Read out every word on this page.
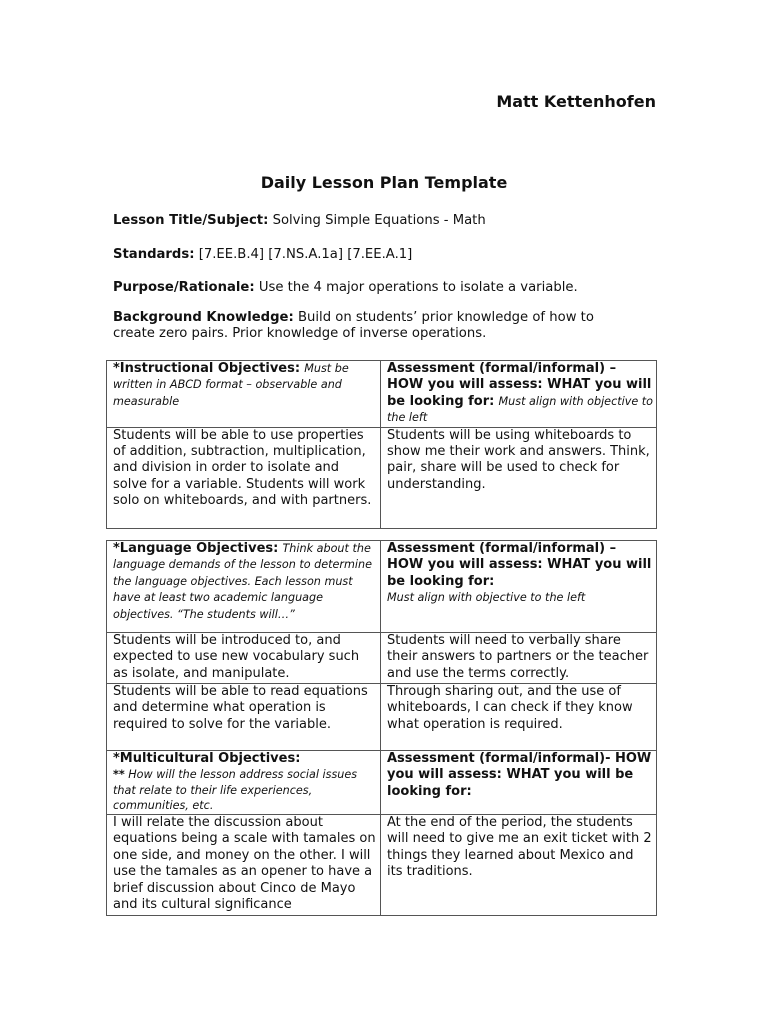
Matt Kettenhofen
Daily Lesson Plan Template
Lesson Title/Subject: Solving Simple Equations - Math
Standards: [7.EE.B.4] [7.NS.A.1a] [7.EE.A.1]
Purpose/Rationale: Use the 4 major operations to isolate a variable.
Background Knowledge: Build on students’ prior knowledge of how to create zero pairs. Prior knowledge of inverse operations.
*Instructional Objectives: Must be written in ABCD format – observable and measurable	Assessment (formal/informal) – HOW you will assess: WHAT you will be looking for: Must align with objective to the left
Students will be able to use properties of addition, subtraction, multiplication, and division in order to isolate and solve for a variable. Students will work solo on whiteboards, and with partners.	Students will be using whiteboards to show me their work and answers. Think, pair, share will be used to check for understanding.
*Language Objectives: Think about the language demands of the lesson to determine the language objectives. Each lesson must have at least two academic language objectives. “The students will…”	Assessment (formal/informal) – HOW you will assess: WHAT you will be looking for:
Must align with objective to the left

Students will be introduced to, and expected to use new vocabulary such as isolate, and manipulate.	Students will need to verbally share their answers to partners or the teacher and use the terms correctly.
Students will be able to read equations and determine what operation is required to solve for the variable.	Through sharing out, and the use of whiteboards, I can check if they know what operation is required.

*Multicultural Objectives:
** How will the lesson address social issues that relate to their life experiences, communities, etc.	Assessment (formal/informal)- HOW you will assess: WHAT you will be looking for:
I will relate the discussion about equations being a scale with tamales on one side, and money on the other. I will use the tamales as an opener to have a brief discussion about Cinco de Mayo and its cultural significance	At the end of the period, the students will need to give me an exit ticket with 2 things they learned about Mexico and its traditions.
